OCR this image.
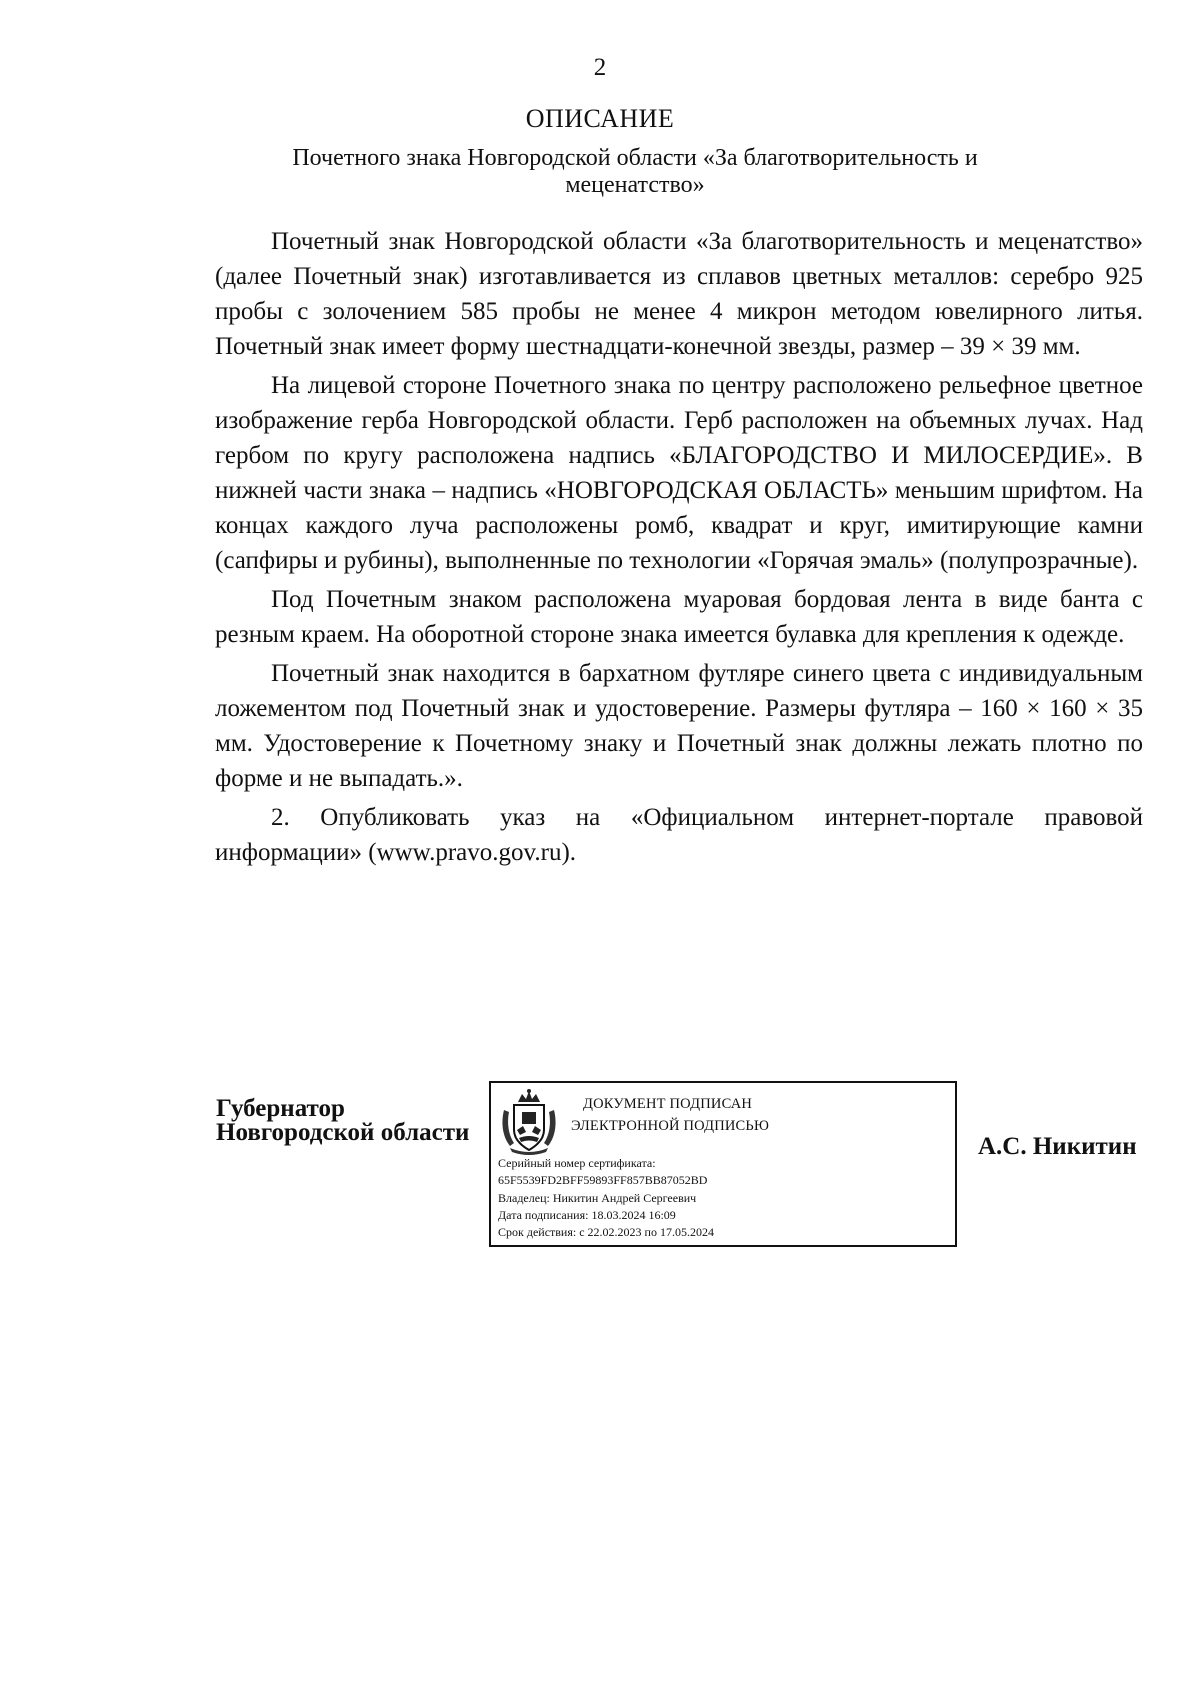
2
ОПИСАНИЕ
Почетного знака Новгородской области «За благотворительность и
меценатство»

Почетный знак Новгородской области «За благотворительность и меценатство» (далее Почетный знак) изготавливается из сплавов цветных металлов: серебро 925 пробы с золочением 585 пробы не менее 4 микрон методом ювелирного литья. Почетный знак имеет форму шестнадцати-конечной звезды, размер – 39 × 39 мм.

На лицевой стороне Почетного знака по центру расположено рельефное цветное изображение герба Новгородской области. Герб расположен на объемных лучах. Над гербом по кругу расположена надпись «БЛАГОРОДСТВО И МИЛОСЕРДИЕ». В нижней части знака – надпись «НОВГОРОДСКАЯ ОБЛАСТЬ» меньшим шрифтом. На концах каждого луча расположены ромб, квадрат и круг, имитирующие камни (сапфиры и рубины), выполненные по технологии «Горячая эмаль» (полупрозрачные).

Под Почетным знаком расположена муаровая бордовая лента в виде банта с резным краем. На оборотной стороне знака имеется булавка для крепления к одежде.

Почетный знак находится в бархатном футляре синего цвета с индивидуальным ложементом под Почетный знак и удостоверение. Размеры футляра – 160 × 160 × 35 мм. Удостоверение к Почетному знаку и Почетный знак должны лежать плотно по форме и не выпадать.».

2. Опубликовать указ на «Официальном интернет-портале правовой информации» (www.pravo.gov.ru).

Губернатор
Новгородской области
ДОКУМЕНТ ПОДПИСАН
ЭЛЕКТРОННОЙ ПОДПИСЬЮ
Серийный номер сертификата:
65F5539FD2BFF59893FF857BB87052BD
Владелец: Никитин Андрей Сергеевич
Дата подписания: 18.03.2024 16:09
Срок действия: с 22.02.2023 по 17.05.2024
А.С. Никитин
